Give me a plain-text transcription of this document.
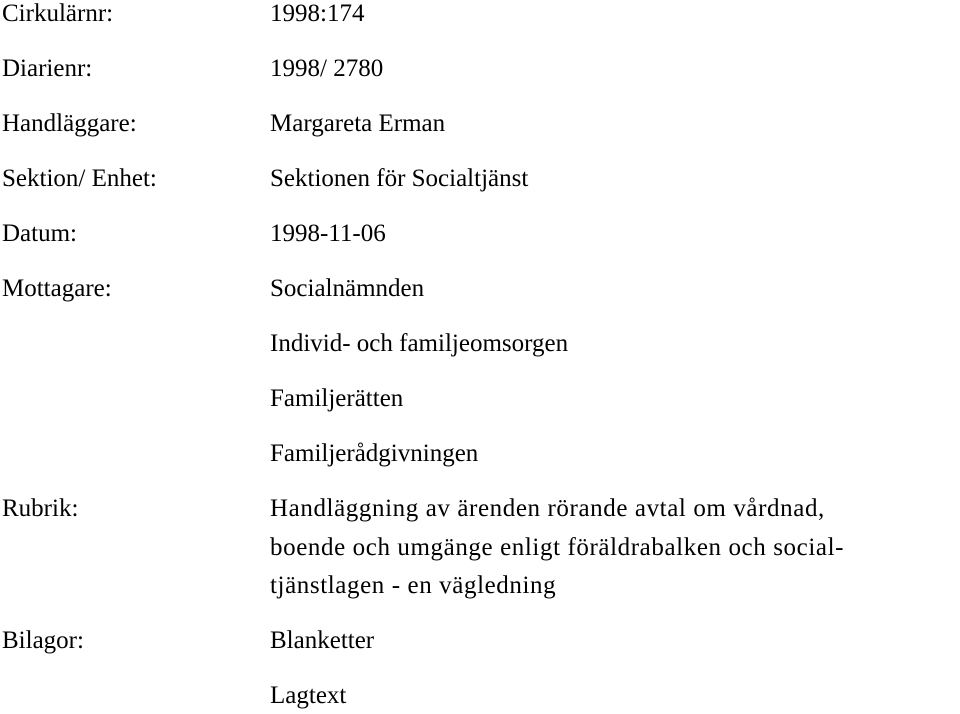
Cirkulärnr:	1998:174
Diarienr:	1998/ 2780
Handläggare:	Margareta Erman
Sektion/ Enhet:	Sektionen för Socialtjänst
Datum:	1998-11-06
Mottagare:	Socialnämnden
Individ- och familjeomsorgen
Familjerätten
Familjerådgivningen
Rubrik:	Handläggning av ärenden rörande avtal om vårdnad,
boende och umgänge enligt föräldrabalken och social-
tjänstlagen - en vägledning
Bilagor:	Blanketter
Lagtext
